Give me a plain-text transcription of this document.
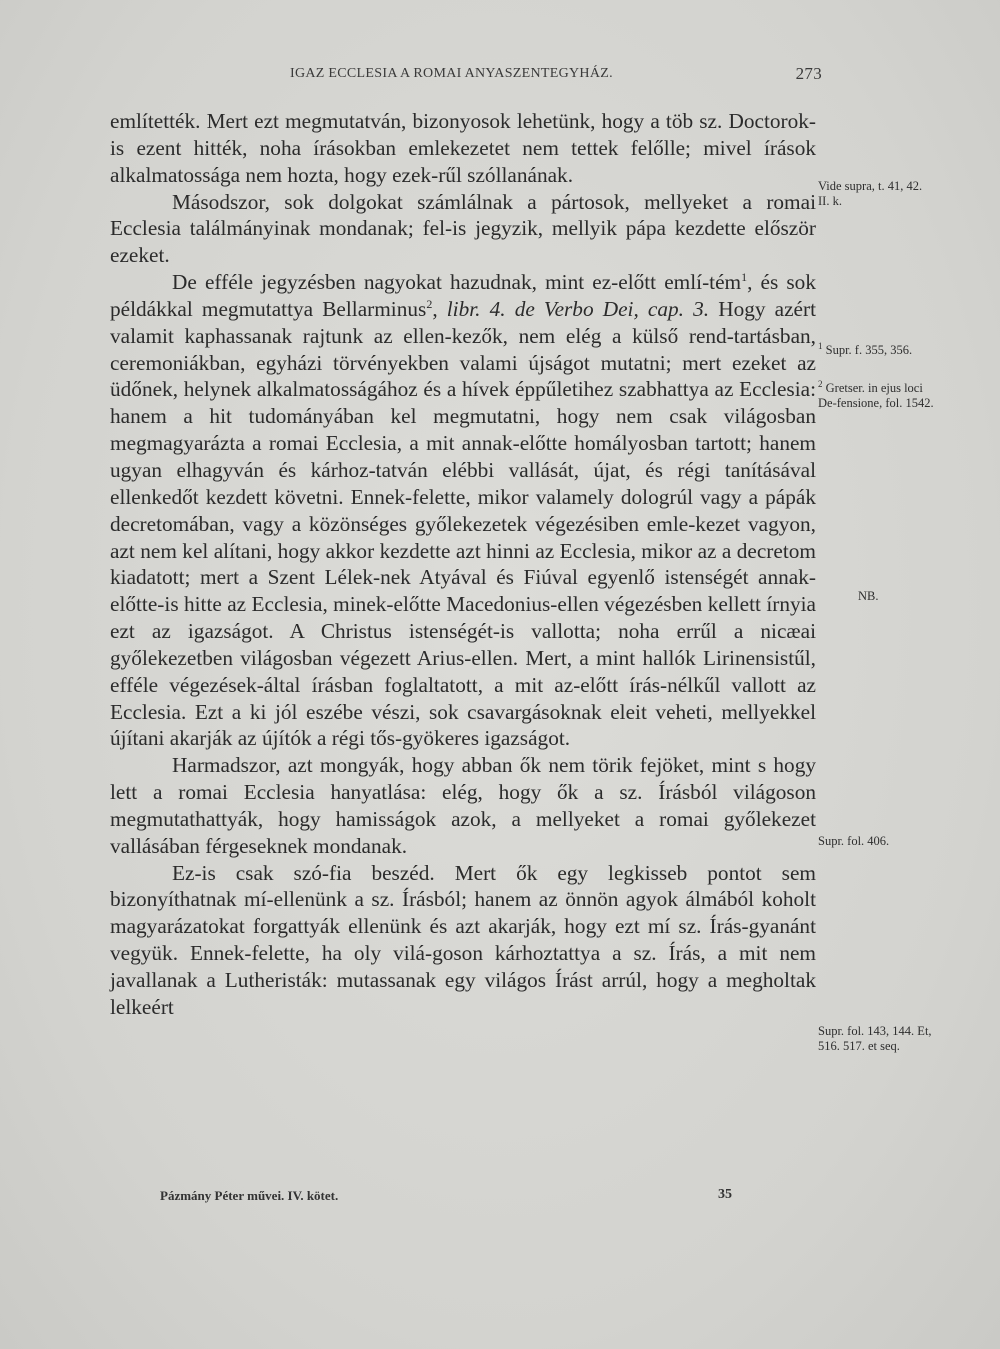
IGAZ ECCLESIA A ROMAI ANYASZENTEGYHÁZ.	273

említették. Mert ezt megmutatván, bizonyosok lehetünk, hogy a töb sz. Doctorok-is ezent hitték, noha írásokban emlekezetet nem tettek felőlle; mivel írások alkalmatossága nem hozta, hogy ezek-rűl szóllanának.

Másodszor, sok dolgokat számlálnak a pártosok, mellyeket a romai Ecclesia találmányinak mondanak; fel-is jegyzik, mellyik pápa kezdette először ezeket.

De efféle jegyzésben nagyokat hazudnak, mint ez-előtt emlí-tém$^1$, és sok példákkal megmutattya Bellarminus$^2$, libr. 4. de Verbo Dei, cap. 3. Hogy azért valamit kaphassanak rajtunk az ellen-kezők, nem elég a külső rend-tartásban, ceremoniákban, egyházi törvényekben valami újságot mutatni; mert ezeket az üdőnek, helynek alkalmatosságához és a hívek éppűletihez szabhattya az Ecclesia: hanem a hit tudományában kel megmutatni, hogy nem csak világosban megmagyarázta a romai Ecclesia, a mit annak-előtte homályosban tartott; hanem ugyan elhagyván és kárhoz-tatván elébbi vallását, újat, és régi tanításával ellenkedőt kezdett követni. Ennek-felette, mikor valamely dologrúl vagy a pápák decretomában, vagy a közönséges győlekezetek végezésiben emle-kezet vagyon, azt nem kel alítani, hogy akkor kezdette azt hinni az Ecclesia, mikor az a decretom kiadatott; mert a Szent Lélek-nek Atyával és Fiúval egyenlő istenségét annak-előtte-is hitte az Ecclesia, minek-előtte Macedonius-ellen végezésben kellett írnyia ezt az igazságot. A Christus istenségét-is vallotta; noha errűl a nicæai győlekezetben világosban végezett Arius-ellen. Mert, a mint hallók Lirinensistűl, efféle végezések-által írásban foglaltatott, a mit az-előtt írás-nélkűl vallott az Ecclesia. Ezt a ki jól eszébe vészi, sok csavargásoknak eleit veheti, mellyekkel újítani akarják az újítók a régi tős-gyökeres igazságot.

Harmadszor, azt mongyák, hogy abban ők nem törik fejöket, mint s hogy lett a romai Ecclesia hanyatlása: elég, hogy ők a sz. Írásból világoson megmutathattyák, hogy hamisságok azok, a mellyeket a romai győlekezet vallásában férgeseknek mondanak.

Ez-is csak szó-fia beszéd. Mert ők egy legkisseb pontot sem bizonyíthatnak mí-ellenünk a sz. Írásból; hanem az önnön agyok álmából koholt magyarázatokat forgattyák ellenünk és azt akarják, hogy ezt mí sz. Írás-gyanánt vegyük. Ennek-felette, ha oly vilá-goson kárhoztattya a sz. Írás, a mit nem javallanak a Lutheristák: mutassanak egy világos Írást arrúl, hogy a megholtak lelkeért

Vide supra, t. 41, 42. II. k.
$^1$ Supr. f. 355, 356.
$^2$ Gretser. in ejus loci De-fensione, fol. 1542.
NB.
Supr. fol. 406.
Supr. fol. 143, 144. Et, 516. 517. et seq.
Pázmány Péter művei. IV. kötet.	35
